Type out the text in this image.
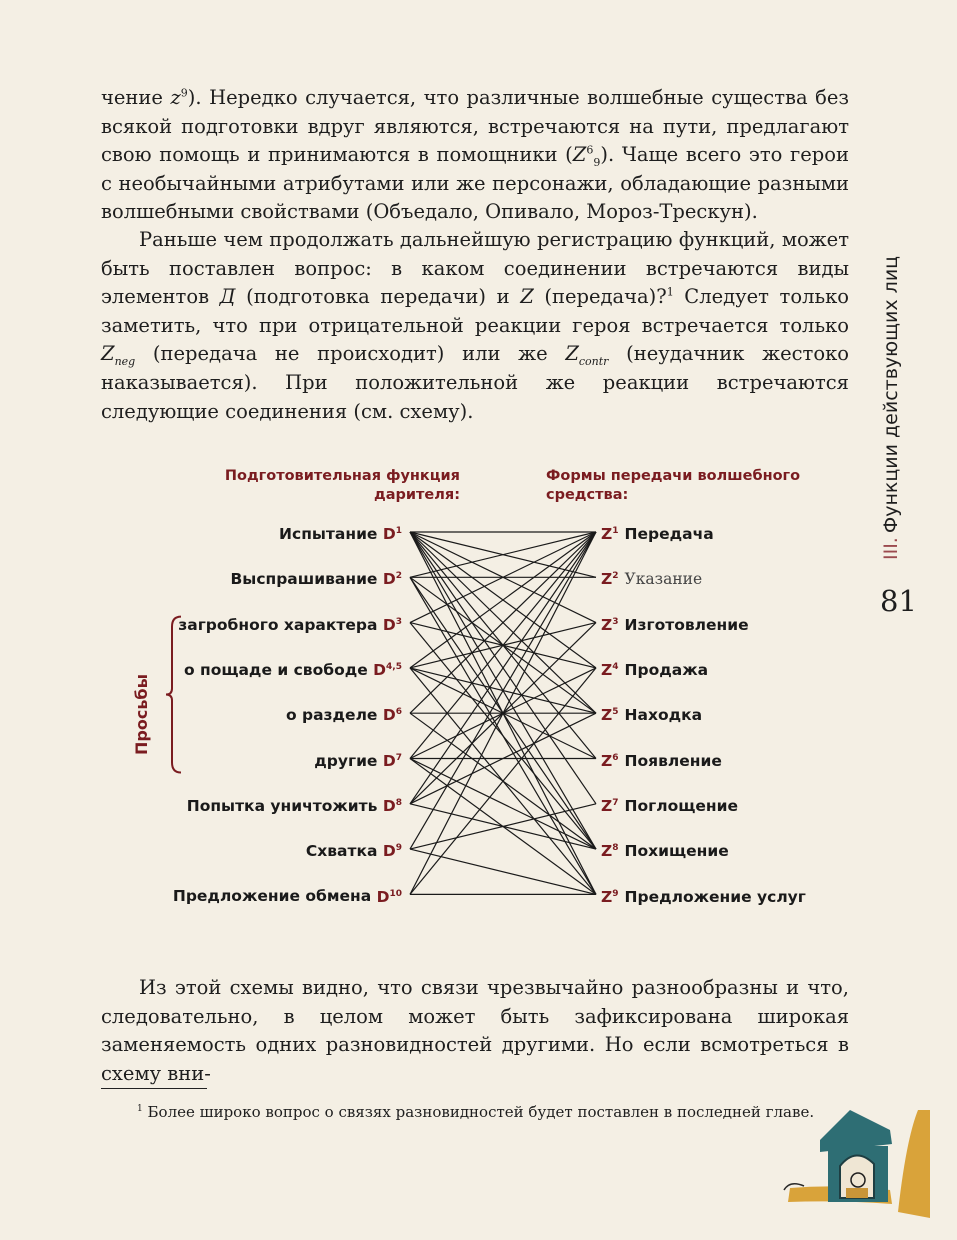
чение $z^9$). Нередко случается, что различные волшебные существа без всякой подготовки вдруг являются, встречаются на пути, предлагают свою помощь и принимаются в помощники $(Z^6_9)$. Чаще всего это герои с необычайными атрибутами или же персонажи, обладающие разными волшебными свойствами (Объедало, Опивало, Мороз-Трескун).

Раньше чем продолжать дальнейшую регистрацию функций, может быть поставлен вопрос: в каком соединении встречаются виды элементов Д (подготовка передачи) и Z (передача)?$^1$ Следует только заметить, что при отрицательной реакции героя встречается только $Z_{neg}$ (передача не происходит) или же $Z_{contr}$ (неудачник жестоко наказывается). При положительной же реакции встречаются следующие соединения (см. схему).

III.Функции действующих лиц
81
Подготовительная функция дарителя:
Формы передачи волшебного средства:
Испытание $D^1$
Выспрашивание $D^2$
загробного характера $D^3$
о пощаде и свободе D$^{4,5}$
о разделе $D^6$
другие $D^7$
Попытка уничтожить $D^8$
Схватка $D^9$
Предложение обмена $D^{10}$
$Z^1$ Передача
$Z^2$ Указание
$Z^3$ Изготовление
$Z^4$ Продажа
$Z^5$ Находка
$Z^6$ Появление
$Z^7$ Поглощение
$Z^8$ Похищение
$Z^9$ Предложение услуг
Просьбы

Из этой схемы видно, что связи чрезвычайно разнообразны и что, следовательно, в целом может быть зафиксирована широкая заменяемость одних разновидностей другими. Но если всмотреться в схему вни-

$^1$ Более широко вопрос о связях разновидностей будет поставлен в последней главе.
